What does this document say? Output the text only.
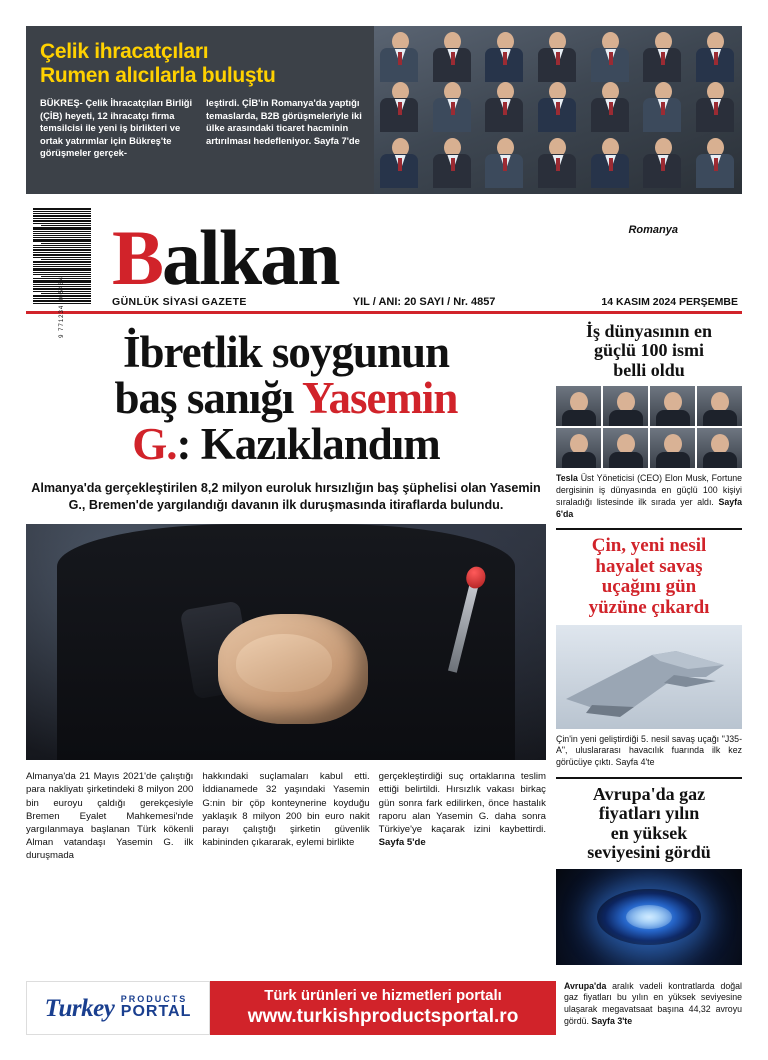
Çelik ihracatçıları
Rumen alıcılarla buluştu
BÜKREŞ- Çelik İhracatçıları Birliği (ÇİB) heyeti, 12 ihracatçı firma temsilcisi ile yeni iş birlikteri ve ortak yatırımlar için Bükreş'te görüşmeler gerçek-
leştirdi. ÇİB'in Romanya'da yaptığı temaslarda, B2B görüşmeleriyle iki ülke arasındaki ticaret hacminin artırılması hedefleniyor. Sayfa 7'de
9 771234 005464
Romanya
Balkan
GÜNLÜK SİYASİ GAZETE	YIL / ANI: 20 SAYI / Nr. 4857	14 KASIM 2024 PERŞEMBE
İbretlik soygunun
baş sanığı Yasemin
G.: Kazıklandım
Almanya'da gerçekleştirilen 8,2 milyon euroluk hırsızlığın baş şüphelisi olan Yasemin G., Bremen'de yargılandığı davanın ilk duruşmasında itiraflarda bulundu.
Almanya'da 21 Mayıs 2021'de çalıştığı para nakliyatı şirketindeki 8 milyon 200 bin euroyu çaldığı gerekçesiyle Bremen Eyalet Mahkemesi'nde yargılanmaya başlanan Türk kökenli Alman vatandaşı Yasemin G. ilk duruşmada
hakkındaki suçlamaları kabul etti. İddianamede 32 yaşındaki Yasemin G:nin bir çöp konteynerine koyduğu yaklaşık 8 milyon 200 bin euro nakit parayı çalıştığı şirketin güvenlik kabininden çıkararak, eylemi birlikte
gerçekleştirdiği suç ortaklarına teslim ettiği belirtildi. Hırsızlık vakası birkaç gün sonra fark edilirken, önce hastalık raporu alan Yasemin G. daha sonra Türkiye'ye kaçarak izini kaybettirdi. Sayfa 5'de
İş dünyasının en
güçlü 100 ismi
belli oldu
Tesla Üst Yöneticisi (CEO) Elon Musk, Fortune dergisinin iş dünyasında en güçlü 100 kişiyi sıraladığı listesinde ilk sırada yer aldı. Sayfa 6'da
Çin, yeni nesil
hayalet savaş
uçağını gün
yüzüne çıkardı
Çin'in yeni geliştirdiği 5. nesil savaş uçağı "J35-A", uluslararası havacılık fuarında ilk kez görücüye çıktı. Sayfa 4'te
Avrupa'da gaz
fiyatları yılın
en yüksek
seviyesini gördü
Turkey PRODUCTS
PORTAL
Türk ürünleri ve hizmetleri portalı
www.turkishproductsportal.ro
Avrupa'da aralık vadeli kontratlarda doğal gaz fiyatları bu yılın en yüksek seviyesine ulaşarak megavatsaat başına 44,32 avroyu gördü. Sayfa 3'te
